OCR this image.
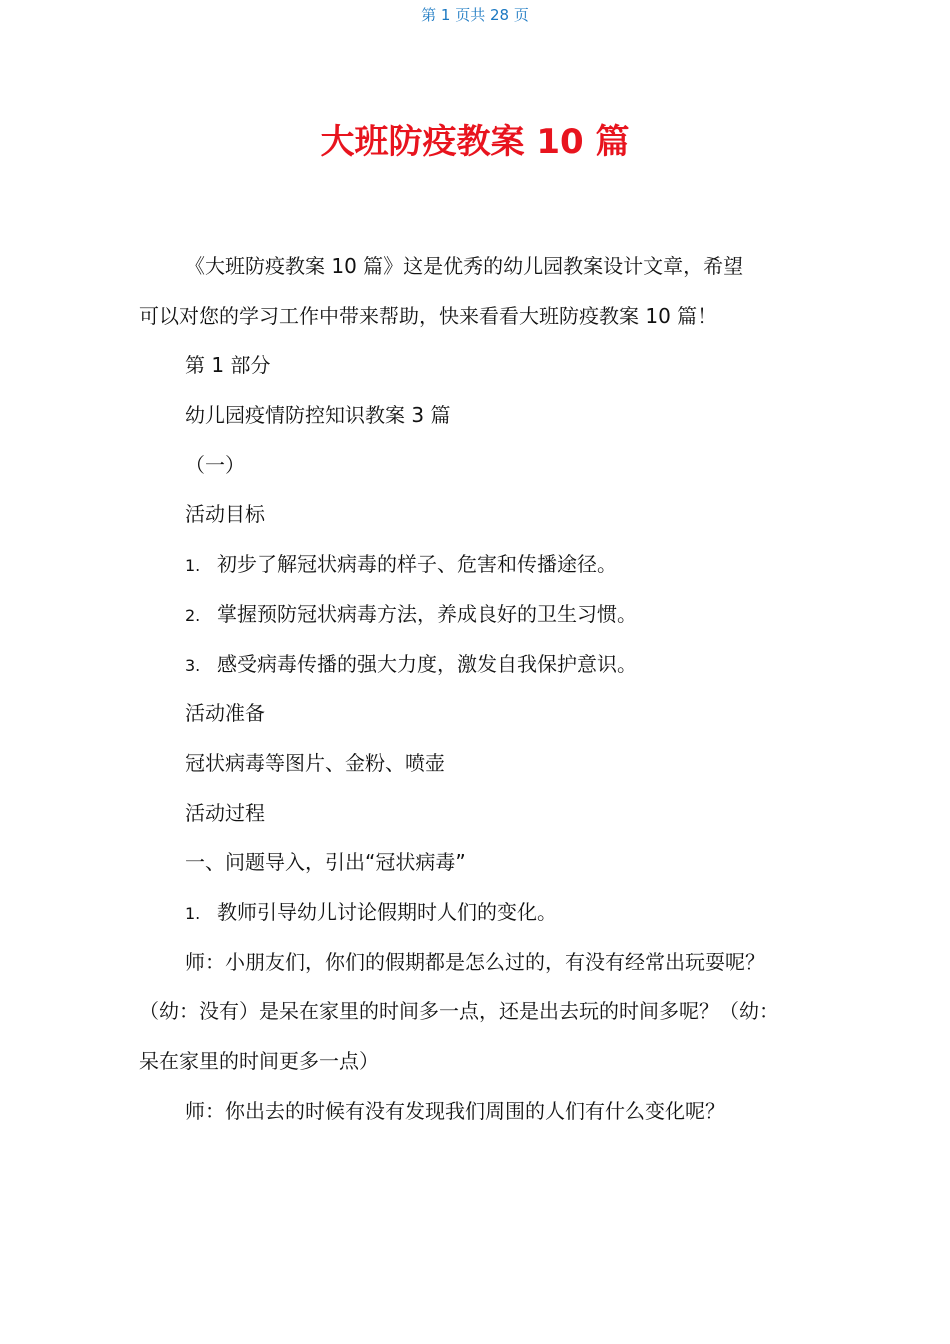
第 1 页共 28 页
大班防疫教案 10 篇
《大班防疫教案 10 篇》这是优秀的幼儿园教案设计文章，希望
可以对您的学习工作中带来帮助，快来看看大班防疫教案 10 篇！
第 1 部分
幼儿园疫情防控知识教案 3 篇
（一）
活动目标
1. 初步了解冠状病毒的样子、危害和传播途径。
2. 掌握预防冠状病毒方法，养成良好的卫生习惯。
3. 感受病毒传播的强大力度，激发自我保护意识。
活动准备
冠状病毒等图片、金粉、喷壶
活动过程
一、问题导入，引出“冠状病毒”
1. 教师引导幼儿讨论假期时人们的变化。
师：小朋友们，你们的假期都是怎么过的，有没有经常出玩耍呢？
（幼：没有）是呆在家里的时间多一点，还是出去玩的时间多呢？（幼：
呆在家里的时间更多一点）
师：你出去的时候有没有发现我们周围的人们有什么变化呢？
